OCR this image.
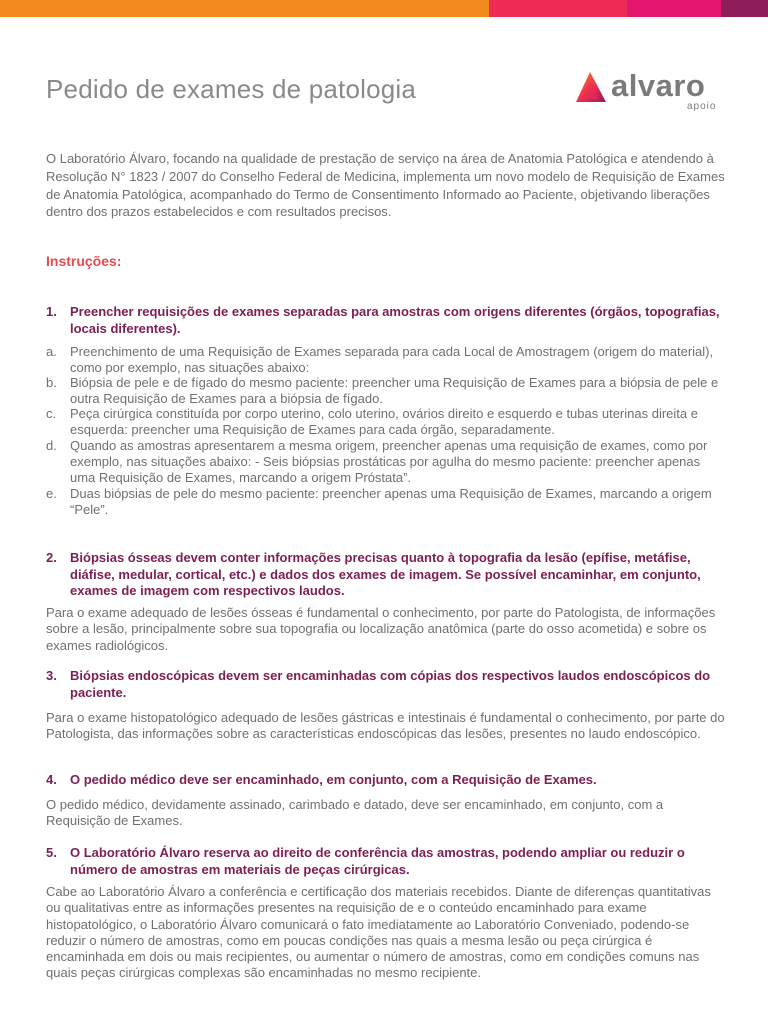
Pedido de exames de patologia	alvaro
apoio

O Laboratório Álvaro, focando na qualidade de prestação de serviço na área de Anatomia Patológica e atendendo à Resolução N° 1823 / 2007 do Conselho Federal de Medicina, implementa um novo modelo de Requisição de Exames de Anatomia Patológica, acompanhado do Termo de Consentimento Informado ao Paciente, objetivando liberações dentro dos prazos estabelecidos e com resultados precisos.

Instruções:
1. Preencher requisições de exames separadas para amostras com origens diferentes (órgãos, topografias, locais diferentes).
a. Preenchimento de uma Requisição de Exames separada para cada Local de Amostragem (origem do material), como por exemplo, nas situações abaixo:
b. Biópsia de pele e de fígado do mesmo paciente: preencher uma Requisição de Exames para a biópsia de pele e outra Requisição de Exames para a biópsia de fígado.
c. Peça cirúrgica constituída por corpo uterino, colo uterino, ovários direito e esquerdo e tubas uterinas direita e esquerda: preencher uma Requisição de Exames para cada órgão, separadamente.
d. Quando as amostras apresentarem a mesma origem, preencher apenas uma requisição de exames, como por exemplo, nas situações abaixo: - Seis biópsias prostáticas por agulha do mesmo paciente: preencher apenas uma Requisição de Exames, marcando a origem Próstata”.
e. Duas biópsias de pele do mesmo paciente: preencher apenas uma Requisição de Exames, marcando a origem “Pele”.
2. Biópsias ósseas devem conter informações precisas quanto à topografia da lesão (epífise, metáfise, diáfise, medular, cortical, etc.) e dados dos exames de imagem. Se possível encaminhar, em conjunto, exames de imagem com respectivos laudos.

Para o exame adequado de lesões ósseas é fundamental o conhecimento, por parte do Patologista, de informações sobre a lesão, principalmente sobre sua topografia ou localização anatômica (parte do osso acometida) e sobre os exames radiológicos.

3. Biópsias endoscópicas devem ser encaminhadas com cópias dos respectivos laudos endoscópicos do paciente.

Para o exame histopatológico adequado de lesões gástricas e intestinais é fundamental o conhecimento, por parte do Patologista, das informações sobre as características endoscópicas das lesões, presentes no laudo endoscópico.

4. O pedido médico deve ser encaminhado, em conjunto, com a Requisição de Exames.

O pedido médico, devidamente assinado, carimbado e datado, deve ser encaminhado, em conjunto, com a Requisição de Exames.

5. O Laboratório Álvaro reserva ao direito de conferência das amostras, podendo ampliar ou reduzir o número de amostras em materiais de peças cirúrgicas.

Cabe ao Laboratório Álvaro a conferência e certificação dos materiais recebidos. Diante de diferenças quantitativas ou qualitativas entre as informações presentes na requisição de e o conteúdo encaminhado para exame histopatológico, o Laboratório Álvaro comunicará o fato imediatamente ao Laboratório Conveniado, podendo-se reduzir o número de amostras, como em poucas condições nas quais a mesma lesão ou peça cirúrgica é encaminhada em dois ou mais recipientes, ou aumentar o número de amostras, como em condições comuns nas quais peças cirúrgicas complexas são encaminhadas no mesmo recipiente.
